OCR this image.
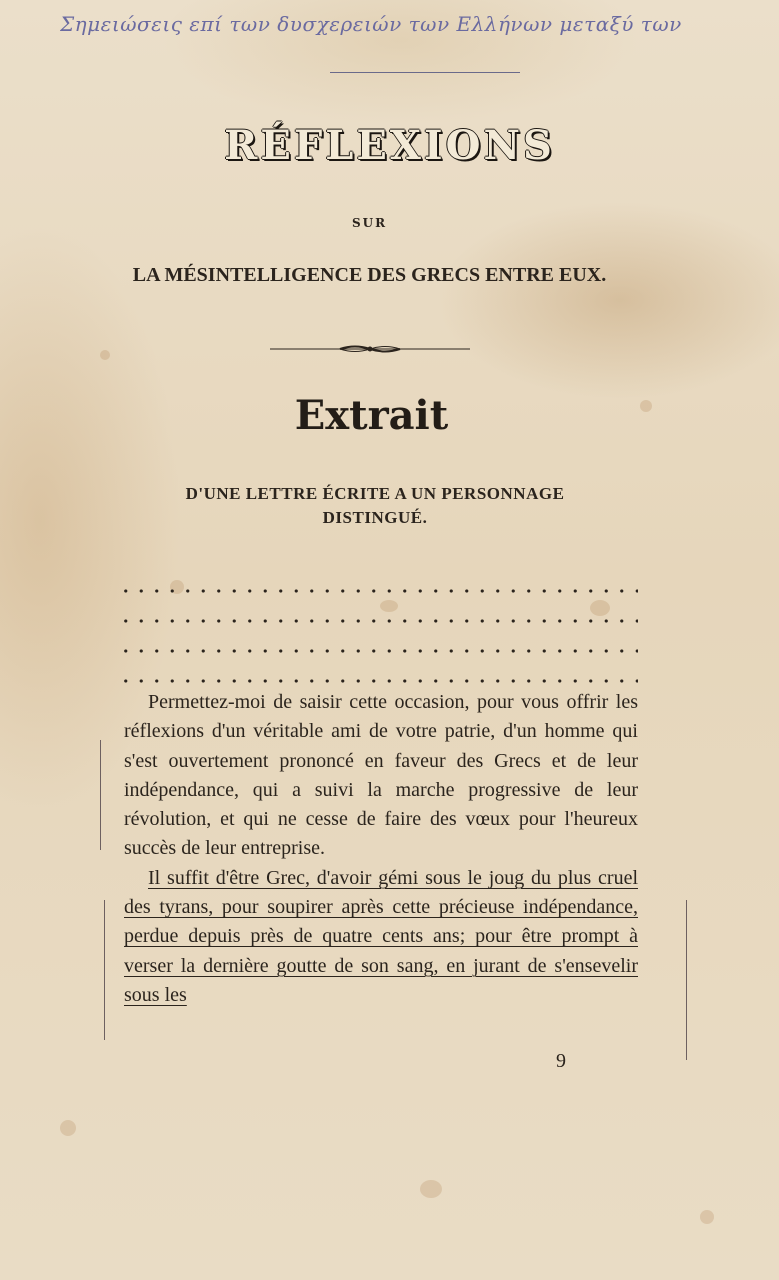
Σημειώσεις επί των δυσχερειών των Ελλήνων μεταξύ των
RÉFLEXIONS
SUR
LA MÉSINTELLIGENCE DES GRECS ENTRE EUX.
Extrait
D'UNE LETTRE ÉCRITE A UN PERSONNAGE
DISTINGUÉ.

Permettez-moi de saisir cette occasion, pour vous offrir les réflexions d'un véritable ami de votre patrie, d'un homme qui s'est ouvertement prononcé en faveur des Grecs et de leur indépendance, qui a suivi la marche progressive de leur révolution, et qui ne cesse de faire des vœux pour l'heureux succès de leur entreprise.

Il suffit d'être Grec, d'avoir gémi sous le joug du plus cruel des tyrans, pour soupirer après cette précieuse indépendance, perdue depuis près de quatre cents ans; pour être prompt à verser la dernière goutte de son sang, en jurant de s'ensevelir sous les

9
